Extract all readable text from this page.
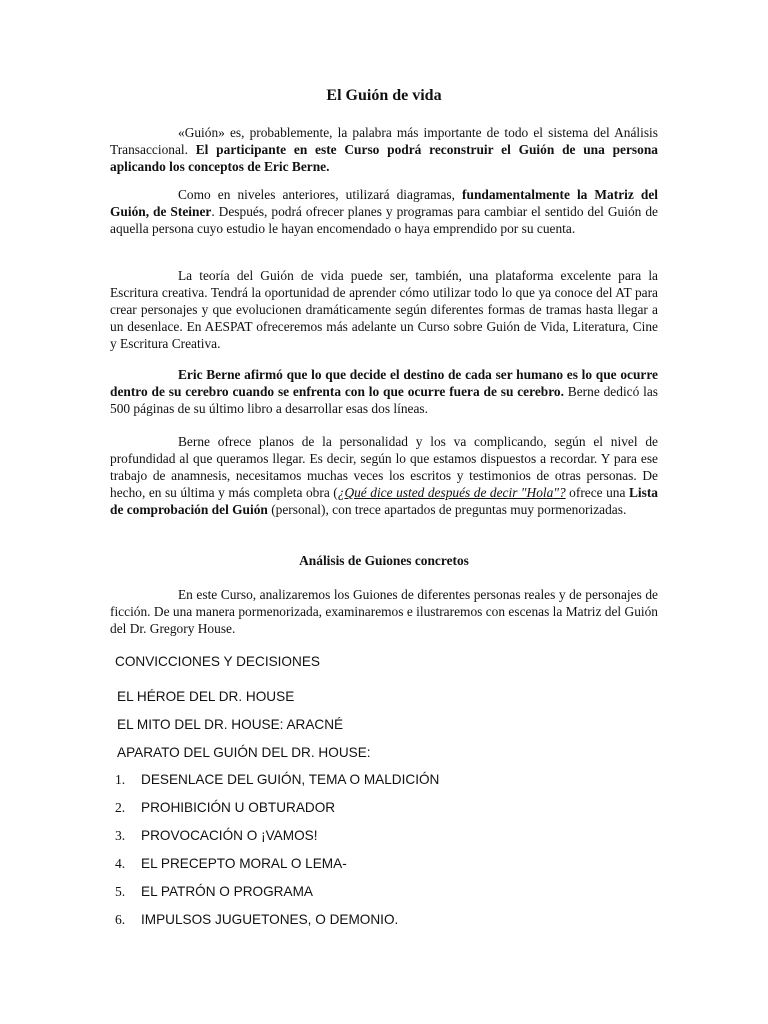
El Guión de vida

«Guión» es, probablemente, la palabra más importante de todo el sistema del Análisis Transaccional. El participante en este Curso podrá reconstruir el Guión de una persona aplicando los conceptos de Eric Berne.

Como en niveles anteriores, utilizará diagramas, fundamentalmente la Matriz del Guión, de Steiner. Después, podrá ofrecer planes y programas para cambiar el sentido del Guión de aquella persona cuyo estudio le hayan encomendado o haya emprendido por su cuenta.

La teoría del Guión de vida puede ser, también, una plataforma excelente para la Escritura creativa. Tendrá la oportunidad de aprender cómo utilizar todo lo que ya conoce del AT para crear personajes y que evolucionen dramáticamente según diferentes formas de tramas hasta llegar a un desenlace. En AESPAT ofreceremos más adelante un Curso sobre Guión de Vida, Literatura, Cine y Escritura Creativa.

Eric Berne afirmó que lo que decide el destino de cada ser humano es lo que ocurre dentro de su cerebro cuando se enfrenta con lo que ocurre fuera de su cerebro. Berne dedicó las 500 páginas de su último libro a desarrollar esas dos líneas.

Berne ofrece planos de la personalidad y los va complicando, según el nivel de profundidad al que queramos llegar. Es decir, según lo que estamos dispuestos a recordar. Y para ese trabajo de anamnesis, necesitamos muchas veces los escritos y testimonios de otras personas. De hecho, en su última y más completa obra (¿Qué dice usted después de decir "Hola"? ofrece una Lista de comprobación del Guión (personal), con trece apartados de preguntas muy pormenorizadas.

Análisis de Guiones concretos

En este Curso, analizaremos los Guiones de diferentes personas reales y de personajes de ficción. De una manera pormenorizada, examinaremos e ilustraremos con escenas la Matriz del Guión del Dr. Gregory House.

CONVICCIONES Y DECISIONES
EL HÉROE DEL DR. HOUSE
EL MITO DEL DR. HOUSE: ARACNÉ
APARATO DEL GUIÓN DEL DR. HOUSE:
1. DESENLACE DEL GUIÓN, TEMA O MALDICIÓN
2. PROHIBICIÓN U OBTURADOR
3. PROVOCACIÓN O ¡VAMOS!
4. EL PRECEPTO MORAL O LEMA-
5. EL PATRÓN O PROGRAMA
6. IMPULSOS JUGUETONES, O DEMONIO.
